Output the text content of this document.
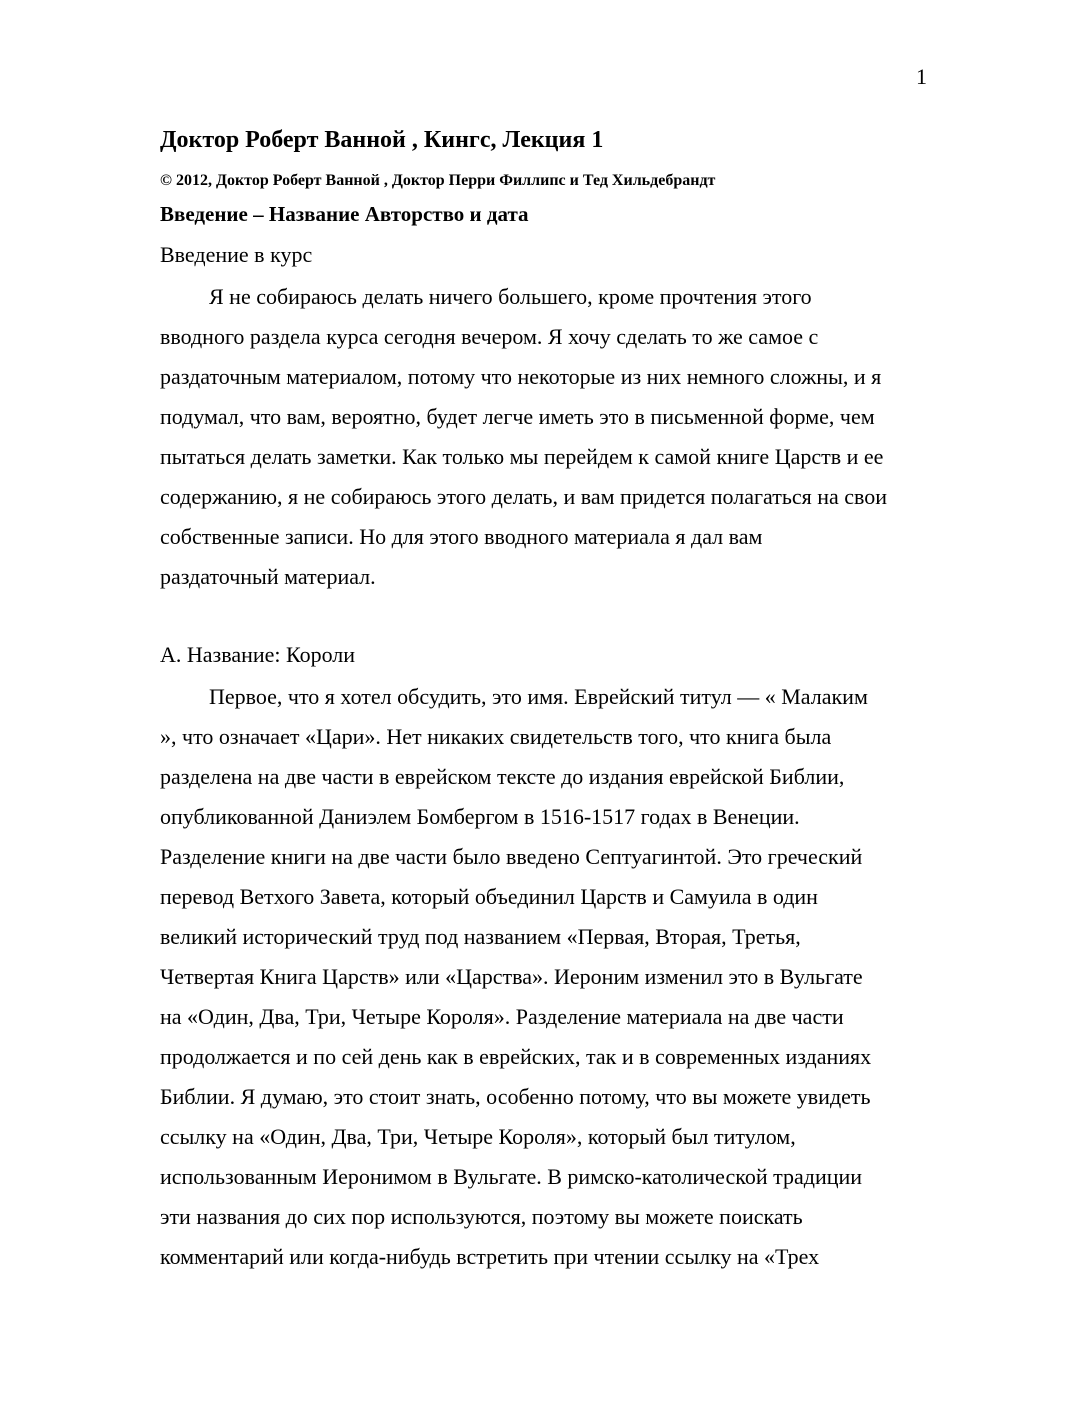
1
Доктор Роберт Ванной , Кингс, Лекция 1
© 2012, Доктор Роберт Ванной , Доктор Перри Филлипс и Тед Хильдебрандт
Введение – Название Авторство и дата
Введение в курс
Я не собираюсь делать ничего большего, кроме прочтения этого
вводного раздела курса сегодня вечером. Я хочу сделать то же самое с
раздаточным материалом, потому что некоторые из них немного сложны, и я
подумал, что вам, вероятно, будет легче иметь это в письменной форме, чем
пытаться делать заметки. Как только мы перейдем к самой книге Царств и ее
содержанию, я не собираюсь этого делать, и вам придется полагаться на свои
собственные записи. Но для этого вводного материала я дал вам
раздаточный материал.
А. Название: Короли
Первое, что я хотел обсудить, это имя. Еврейский титул — « Малаким
», что означает «Цари». Нет никаких свидетельств того, что книга была
разделена на две части в еврейском тексте до издания еврейской Библии,
опубликованной Даниэлем Бомбергом в 1516-1517 годах в Венеции.
Разделение книги на две части было введено Септуагинтой. Это греческий
перевод Ветхого Завета, который объединил Царств и Самуила в один
великий исторический труд под названием «Первая, Вторая, Третья,
Четвертая Книга Царств» или «Царства». Иероним изменил это в Вульгате
на «Один, Два, Три, Четыре Короля». Разделение материала на две части
продолжается и по сей день как в еврейских, так и в современных изданиях
Библии. Я думаю, это стоит знать, особенно потому, что вы можете увидеть
ссылку на «Один, Два, Три, Четыре Короля», который был титулом,
использованным Иеронимом в Вульгате. В римско-католической традиции
эти названия до сих пор используются, поэтому вы можете поискать
комментарий или когда-нибудь встретить при чтении ссылку на «Трех
